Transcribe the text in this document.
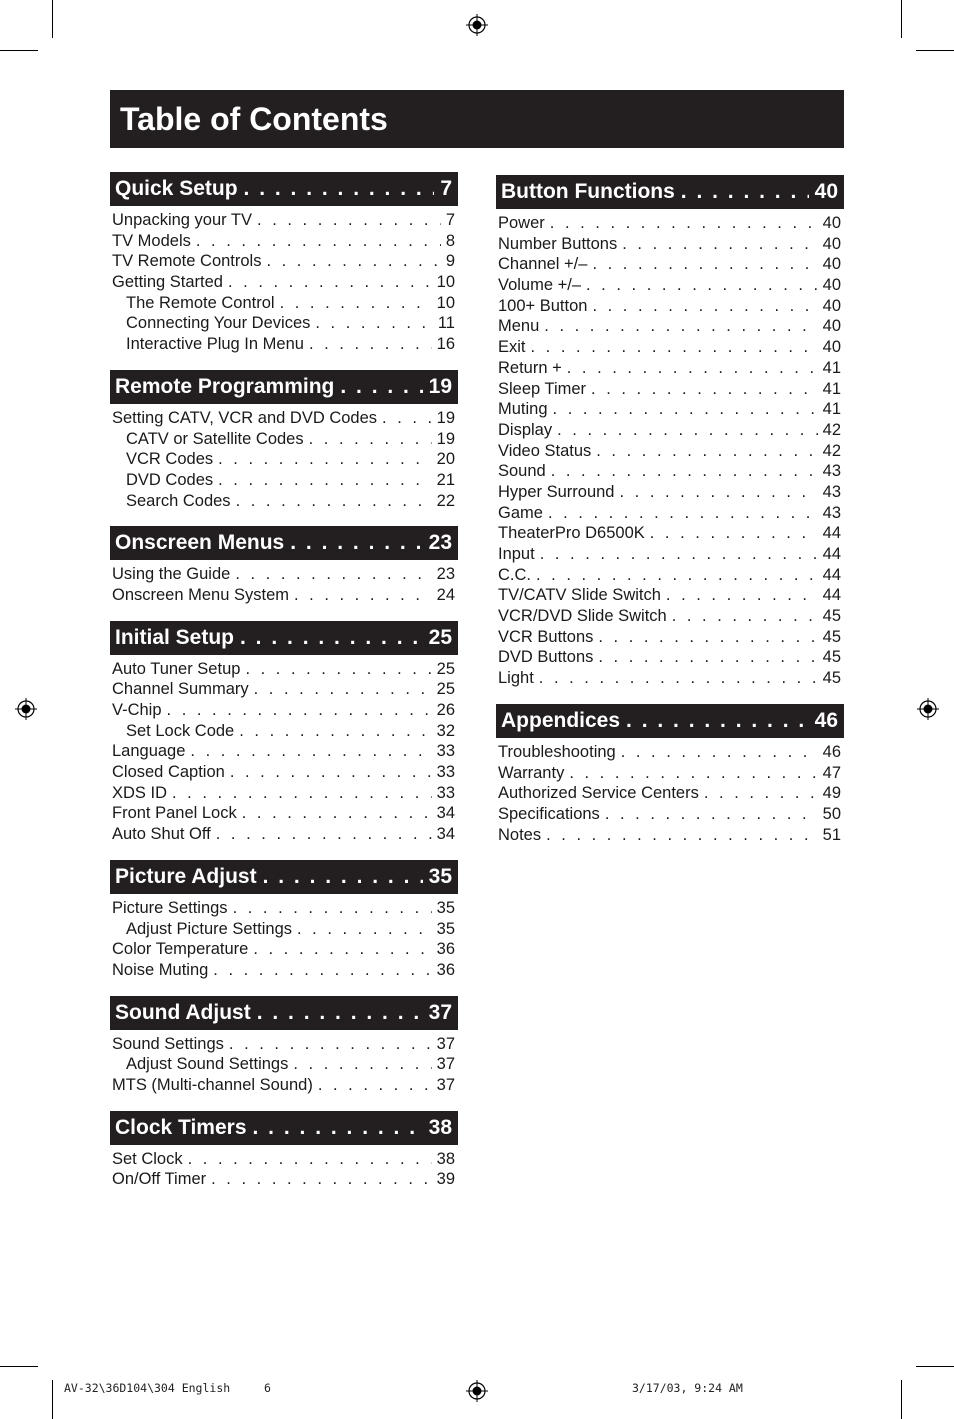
Table of Contents
Quick Setup . . .	7
Unpacking your TV . . .	7
TV Models . . .	8
TV Remote Controls . . .	9
Getting Started . . .	10
The Remote Control . . .	10
Connecting Your Devices . . .	11
Interactive Plug In Menu . . .	16
Remote Programming . . .	19
Setting CATV, VCR and DVD Codes . . .	19
CATV or Satellite Codes . . .	19
VCR Codes . . .	20
DVD Codes . . .	21
Search Codes . . .	22
Onscreen Menus . . .	23
Using the Guide . . .	23
Onscreen Menu System . . .	24
Initial Setup . . .	25
Auto Tuner Setup . . .	25
Channel Summary . . .	25
V-Chip . . .	26
Set Lock Code . . .	32
Language . . .	33
Closed Caption . . .	33
XDS ID . . .	33
Front Panel Lock . . .	34
Auto Shut Off . . .	34
Picture Adjust . . .	35
Picture Settings . . .	35
Adjust Picture Settings . . .	35
Color Temperature . . .	36
Noise Muting . . .	36
Sound Adjust . . .	37
Sound Settings . . .	37
Adjust Sound Settings . . .	37
MTS (Multi-channel Sound) . . .	37
Clock Timers . . .	38
Set Clock . . .	38
On/Off Timer . . .	39
Button Functions . . .	40
Power . . .	40
Number Buttons . . .	40
Channel +/– . . .	40
Volume +/– . . .	40
100+ Button . . .	40
Menu . . .	40
Exit . . .	40
Return + . . .	41
Sleep Timer . . .	41
Muting . . .	41
Display . . .	42
Video Status . . .	42
Sound . . .	43
Hyper Surround . . .	43
Game . . .	43
TheaterPro D6500K . . .	44
Input . . .	44
C.C. . . .	44
TV/CATV Slide Switch . . .	44
VCR/DVD Slide Switch . . .	45
VCR Buttons . . .	45
DVD Buttons . . .	45
Light . . .	45
Appendices . . .	46
Troubleshooting . . .	46
Warranty . . .	47
Authorized Service Centers . . .	49
Specifications . . .	50
Notes . . .	51
AV-32\36D104\304 English	6	3/17/03, 9:24 AM
